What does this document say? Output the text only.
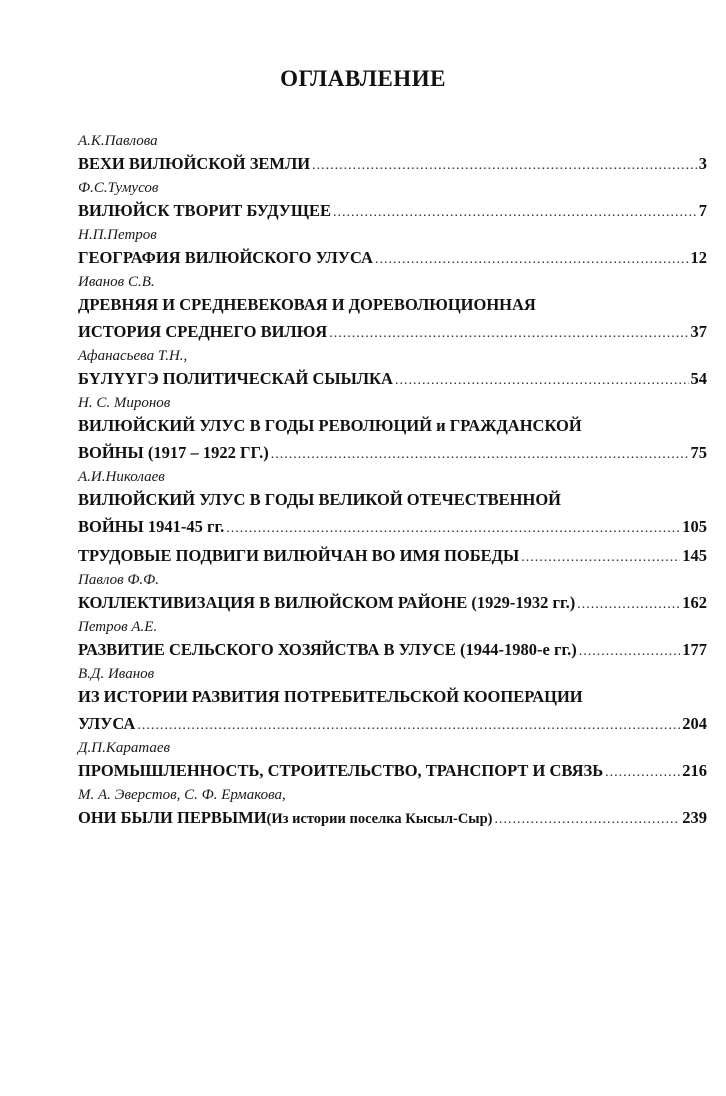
ОГЛАВЛЕНИЕ
А.К.Павлова
ВЕХИ ВИЛЮЙСКОЙ ЗЕМЛИ .....	3
Ф.С.Тумусов
ВИЛЮЙСК ТВОРИТ БУДУЩЕЕ .....	7
Н.П.Петров
ГЕОГРАФИЯ ВИЛЮЙСКОГО УЛУСА .....	12
Иванов С.В.
ДРЕВНЯЯ И СРЕДНЕВЕКОВАЯ И ДОРЕВОЛЮЦИОННАЯ
ИСТОРИЯ СРЕДНЕГО ВИЛЮЯ .....	37
Афанасьева Т.Н.,
БҮЛҮҮГЭ ПОЛИТИЧЕСКАЙ СЫЫЛКА .....	54
Н. С. Миронов
ВИЛЮЙСКИЙ УЛУС В ГОДЫ РЕВОЛЮЦИЙ и ГРАЖДАНСКОЙ
ВОЙНЫ (1917 – 1922 ГГ.) .....	75
А.И.Николаев
ВИЛЮЙСКИЙ УЛУС В ГОДЫ ВЕЛИКОЙ ОТЕЧЕСТВЕННОЙ
ВОЙНЫ 1941-45 гг. .....	105
ТРУДОВЫЕ ПОДВИГИ ВИЛЮЙЧАН ВО ИМЯ ПОБЕДЫ .....	145
Павлов Ф.Ф.
КОЛЛЕКТИВИЗАЦИЯ В ВИЛЮЙСКОМ РАЙОНЕ (1929-1932 гг.) .....	162
Петров А.Е.
РАЗВИТИЕ СЕЛЬСКОГО ХОЗЯЙСТВА В УЛУСЕ (1944-1980-е гг.) .....	177
В.Д. Иванов
ИЗ ИСТОРИИ РАЗВИТИЯ ПОТРЕБИТЕЛЬСКОЙ КООПЕРАЦИИ
УЛУСА .....	204
Д.П.Каратаев
ПРОМЫШЛЕННОСТЬ, СТРОИТЕЛЬСТВО, ТРАНСПОРТ И СВЯЗЬ .....	216
М. А. Эверстов, С. Ф. Ермакова,
ОНИ БЫЛИ ПЕРВЫМИ (Из истории поселка Кысыл-Сыр) .....	239
